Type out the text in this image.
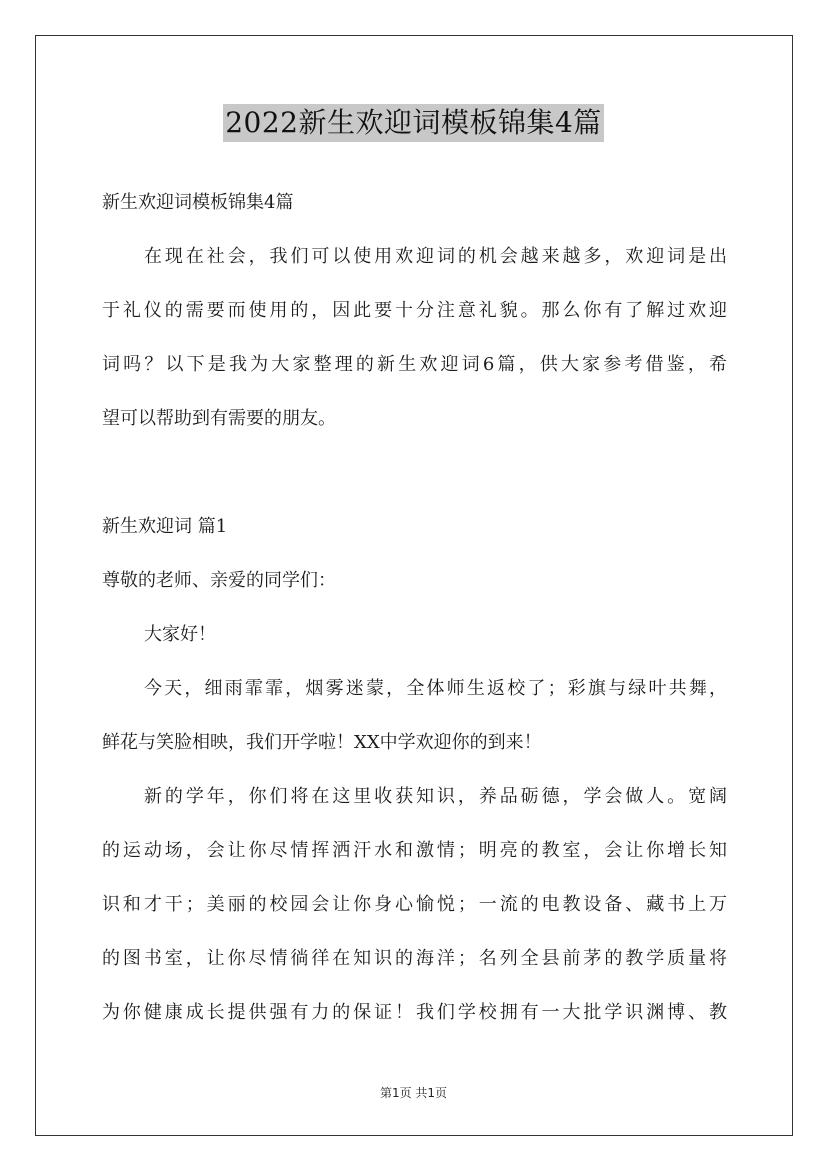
2022新生欢迎词模板锦集4篇

新生欢迎词模板锦集4篇

在现在社会，我们可以使用欢迎词的机会越来越多，欢迎词是出

于礼仪的需要而使用的，因此要十分注意礼貌。那么你有了解过欢迎

词吗？以下是我为大家整理的新生欢迎词6篇，供大家参考借鉴，希

望可以帮助到有需要的朋友。

新生欢迎词 篇1

尊敬的老师、亲爱的同学们：

大家好！

今天，细雨霏霏，烟雾迷蒙，全体师生返校了；彩旗与绿叶共舞，

鲜花与笑脸相映，我们开学啦！XX中学欢迎你的到来！

新的学年，你们将在这里收获知识，养品砺德，学会做人。宽阔

的运动场，会让你尽情挥洒汗水和激情；明亮的教室，会让你增长知

识和才干；美丽的校园会让你身心愉悦；一流的电教设备、藏书上万

的图书室，让你尽情徜徉在知识的海洋；名列全县前茅的教学质量将

为你健康成长提供强有力的保证！我们学校拥有一大批学识渊博、教

第1页 共1页
